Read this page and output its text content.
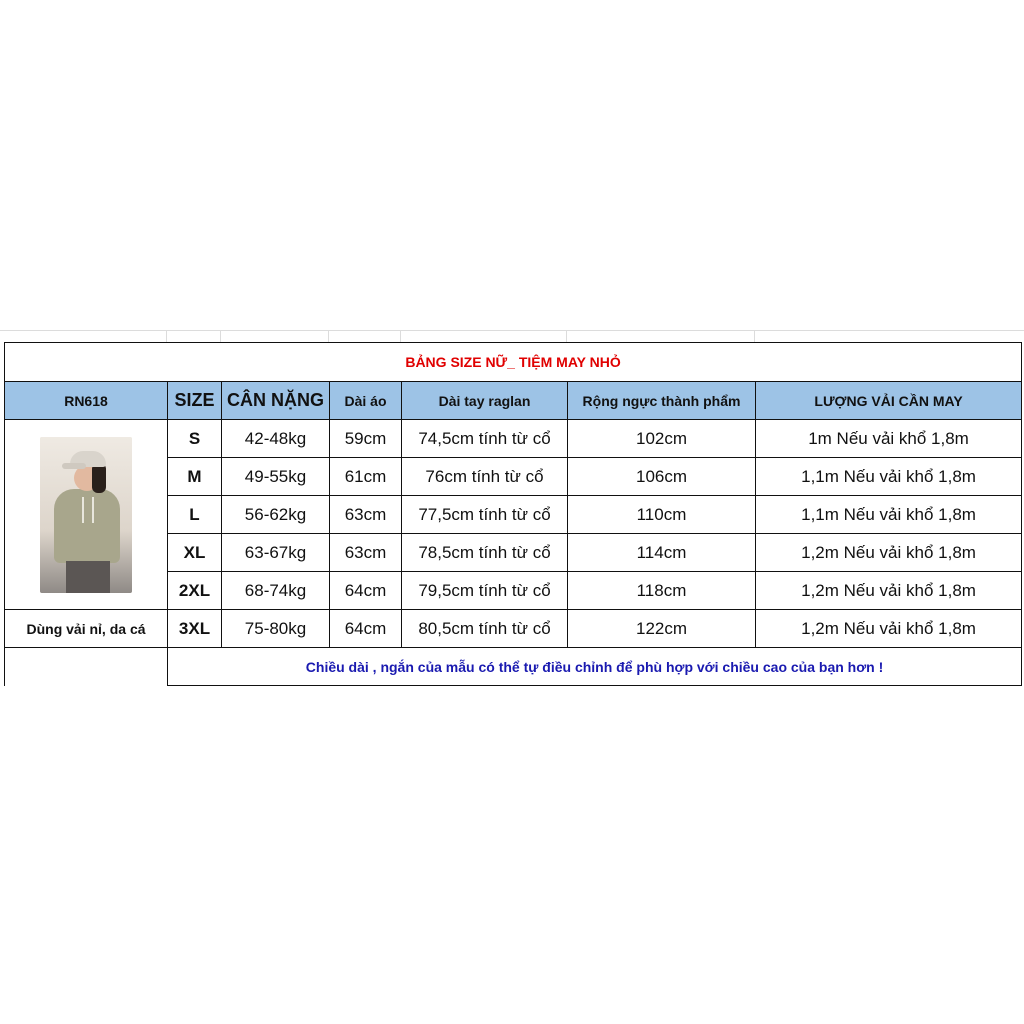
BẢNG SIZE NỮ_ TIỆM MAY NHỎ						
RN618	SIZE	CÂN NẶNG	Dài áo	Dài tay raglan	Rộng ngực thành phẩm	LƯỢNG VẢI CẦN MAY

	S	42-48kg	59cm	74,5cm tính từ cổ	102cm	1m Nếu vải khổ 1,8m
	M	49-55kg	61cm	76cm tính từ cổ	106cm	1,1m Nếu vải khổ 1,8m
	L	56-62kg	63cm	77,5cm tính từ cổ	110cm	1,1m Nếu vải khổ 1,8m
	XL	63-67kg	63cm	78,5cm tính từ cổ	114cm	1,2m Nếu vải khổ 1,8m
	2XL	68-74kg	64cm	79,5cm tính từ cổ	118cm	1,2m Nếu vải khổ 1,8m
Dùng vải nỉ, da cá	3XL	75-80kg	64cm	80,5cm tính từ cổ	122cm	1,2m Nếu vải khổ 1,8m
	Chiều dài , ngắn của mẫu có thể tự điều chỉnh để phù hợp với chiều cao của bạn hơn !					
